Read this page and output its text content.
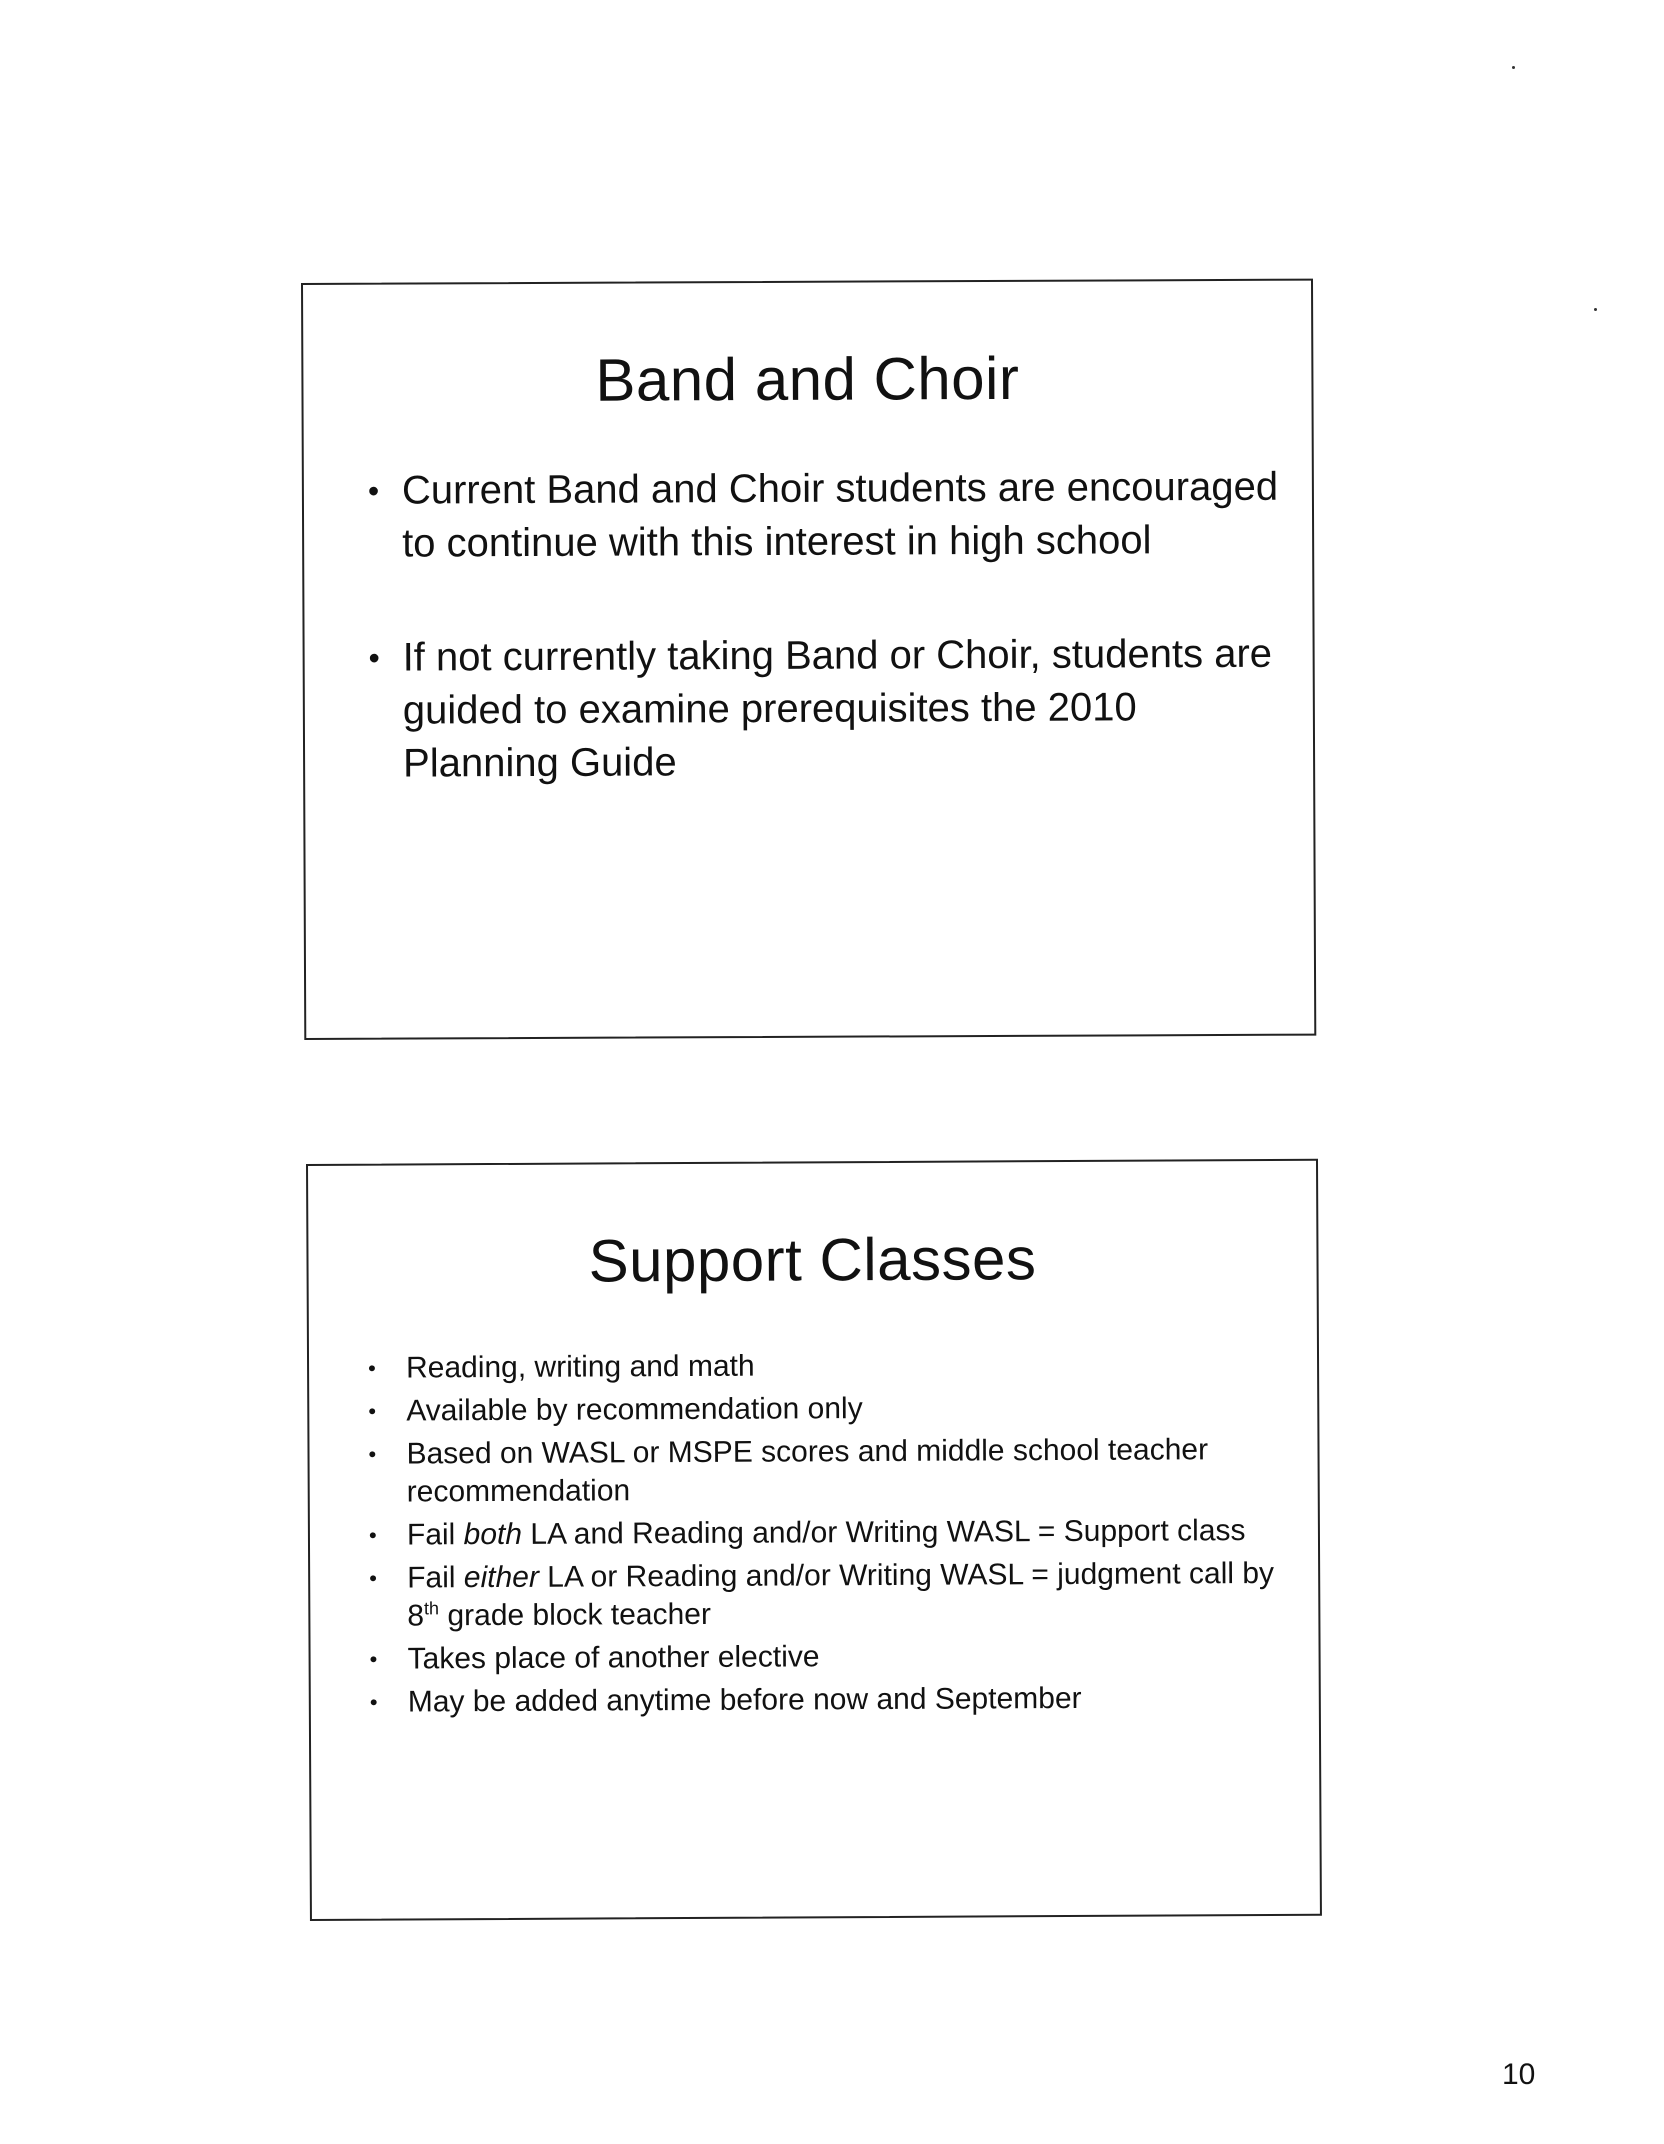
Band and Choir
• Current Band and Choir students are encouraged to continue with this interest in high school
• If not currently taking Band or Choir, students are guided to examine prerequisites the 2010 Planning Guide
Support Classes
• Reading, writing and math
• Available by recommendation only
• Based on WASL or MSPE scores and middle school teacher recommendation
• Fail both LA and Reading and/or Writing WASL = Support class
• Fail either LA or Reading and/or Writing WASL = judgment call by 8th grade block teacher
• Takes place of another elective
• May be added anytime before now and September
10
